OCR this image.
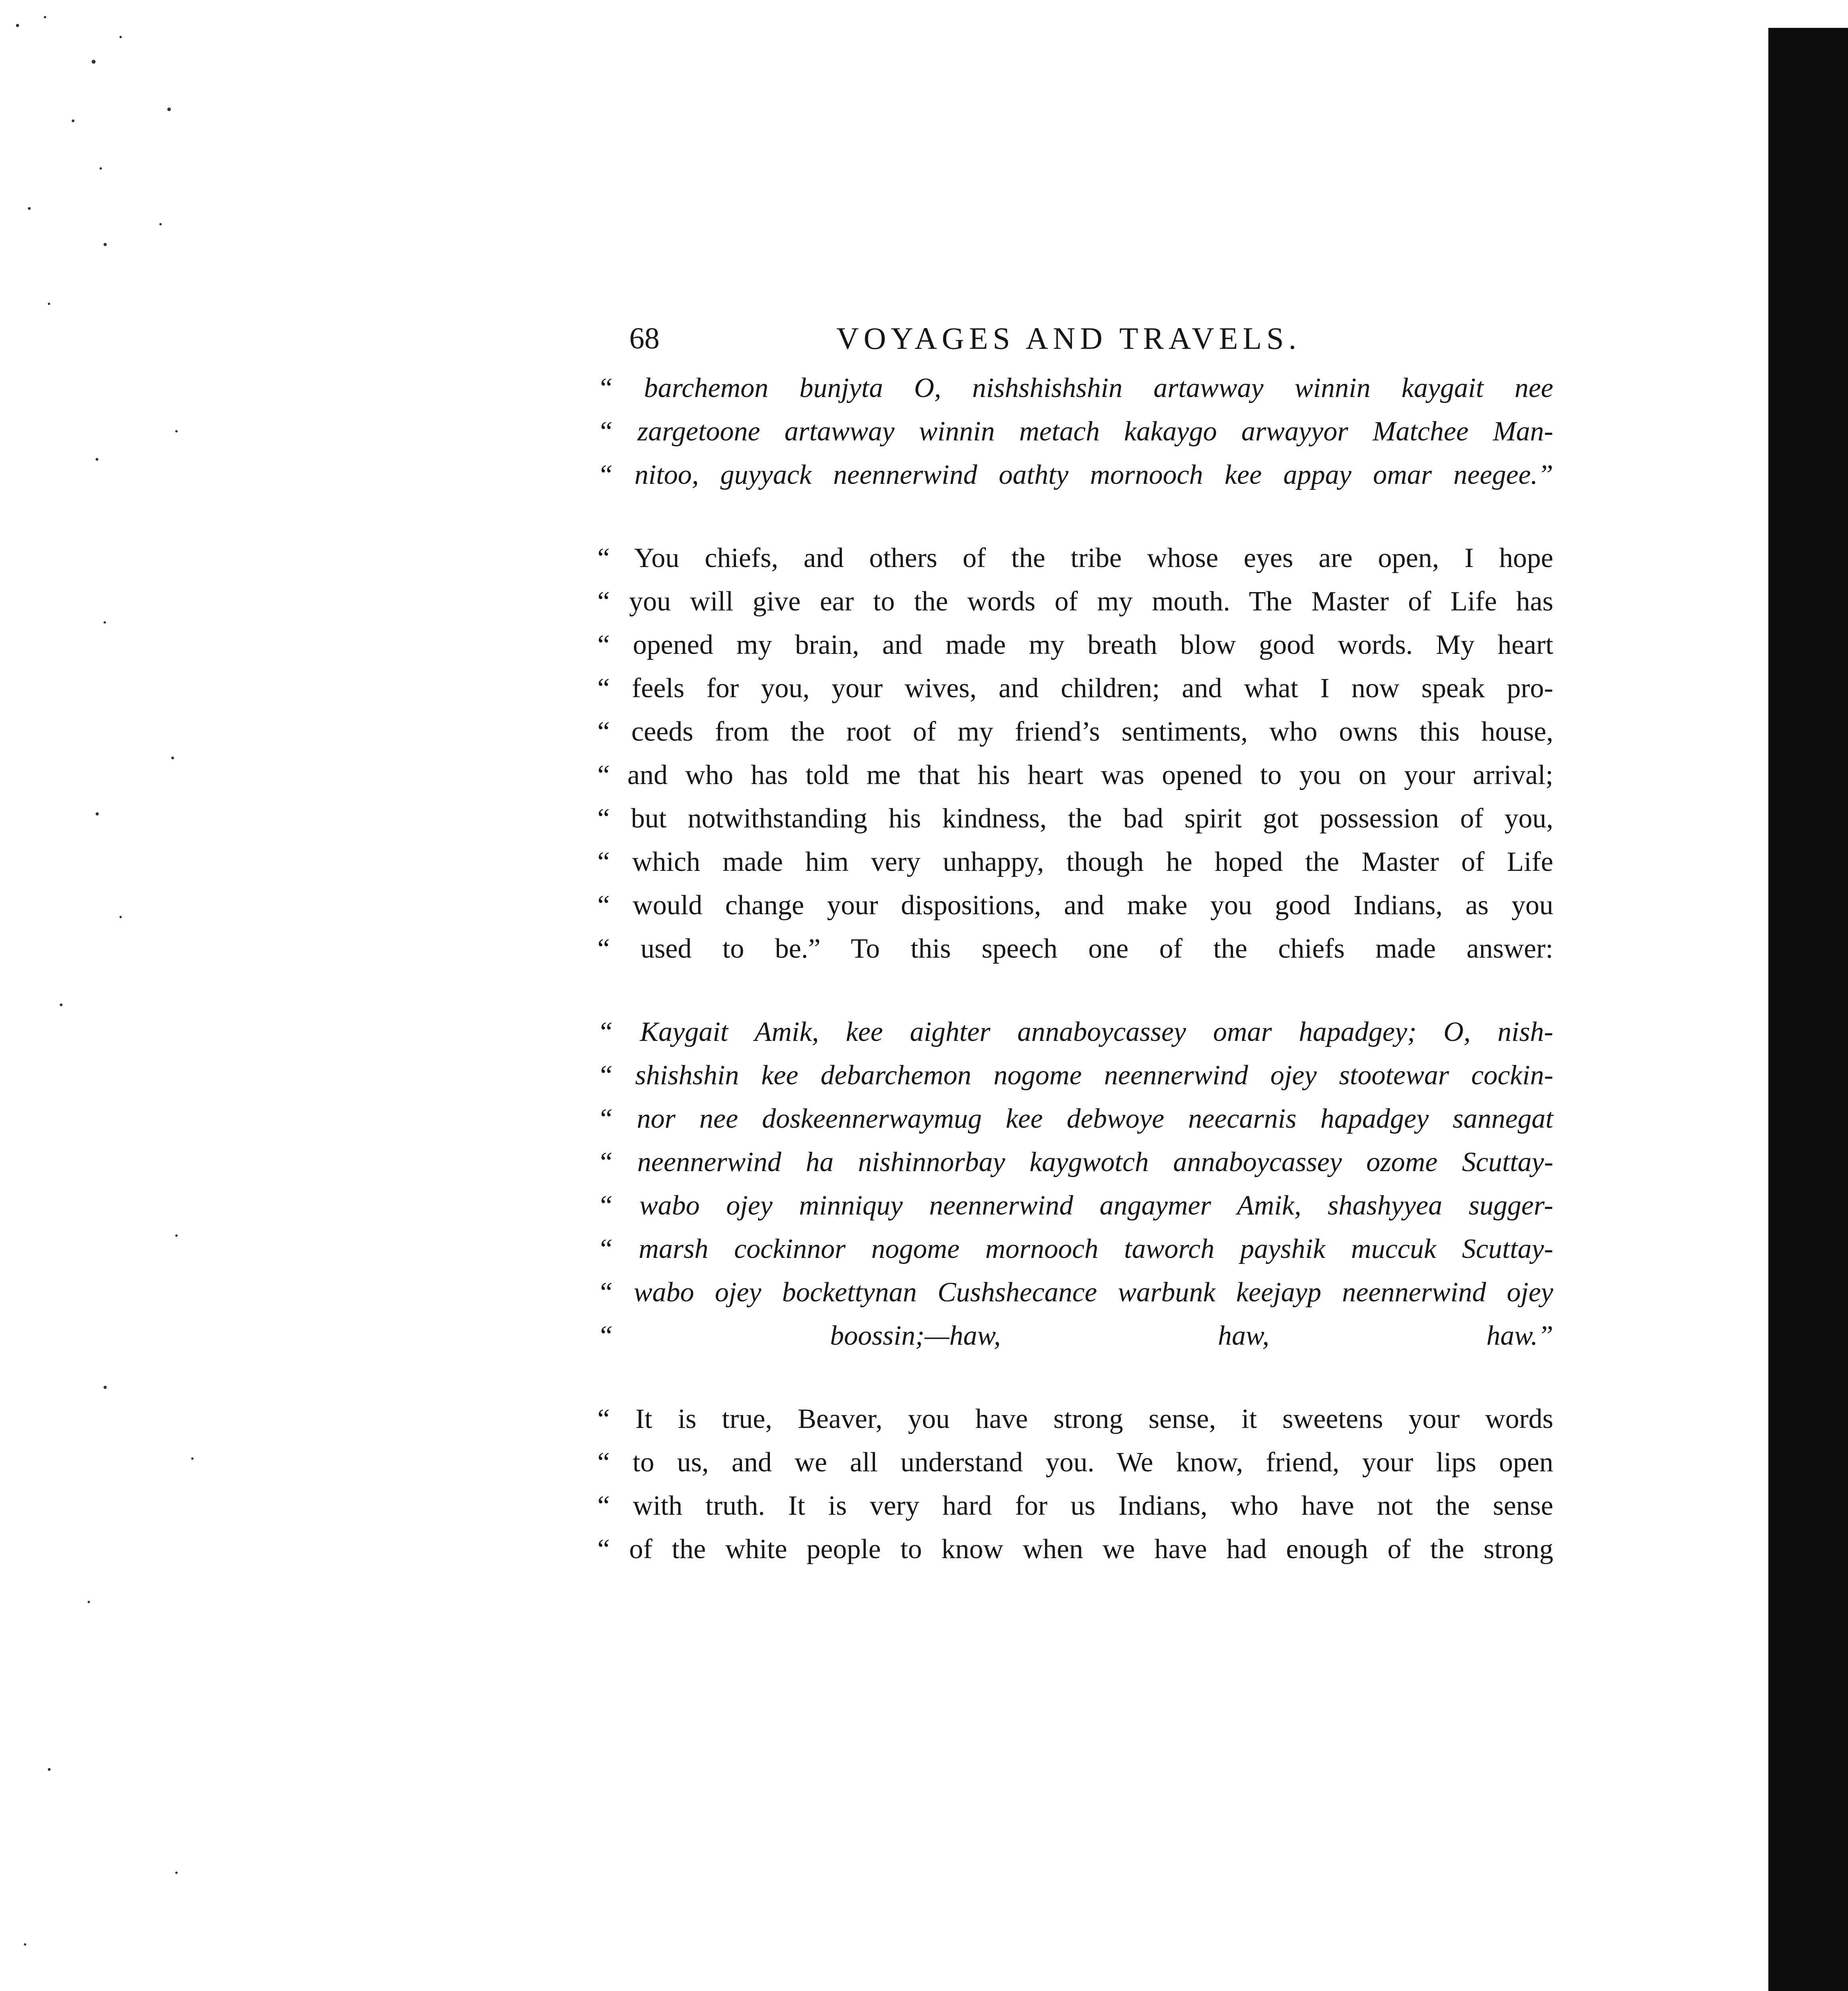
68	VOYAGES AND TRAVELS.
“ barchemon bunjyta O, nishshishshin artawway winnin kaygait nee
“ zargetoone artawway winnin metach kakaygo arwayyor Matchee Man-
“ nitoo, guyyack neennerwind oathty mornooch kee appay omar neegee.”
“ You chiefs, and others of the tribe whose eyes are open, I hope
“ you will give ear to the words of my mouth. The Master of Life has
“ opened my brain, and made my breath blow good words. My heart
“ feels for you, your wives, and children; and what I now speak pro-
“ ceeds from the root of my friend’s sentiments, who owns this house,
“ and who has told me that his heart was opened to you on your arrival;
“ but notwithstanding his kindness, the bad spirit got possession of you,
“ which made him very unhappy, though he hoped the Master of Life
“ would change your dispositions, and make you good Indians, as you
“ used to be.” To this speech one of the chiefs made answer:
“ Kaygait Amik, kee aighter annaboycassey omar hapadgey; O, nish-
“ shishshin kee debarchemon nogome neennerwind ojey stootewar cockin-
“ nor nee doskeennerwaymug kee debwoye neecarnis hapadgey sannegat
“ neennerwind ha nishinnorbay kaygwotch annaboycassey ozome Scuttay-
“ wabo ojey minniquy neennerwind angaymer Amik, shashyyea sugger-
“ marsh cockinnor nogome mornooch taworch payshik muccuk Scuttay-
“ wabo ojey bockettynan Cushshecance warbunk keejayp neennerwind ojey
“ boossin;—haw, haw, haw.”
“ It is true, Beaver, you have strong sense, it sweetens your words
“ to us, and we all understand you. We know, friend, your lips open
“ with truth. It is very hard for us Indians, who have not the sense
“ of the white people to know when we have had enough of the strong
